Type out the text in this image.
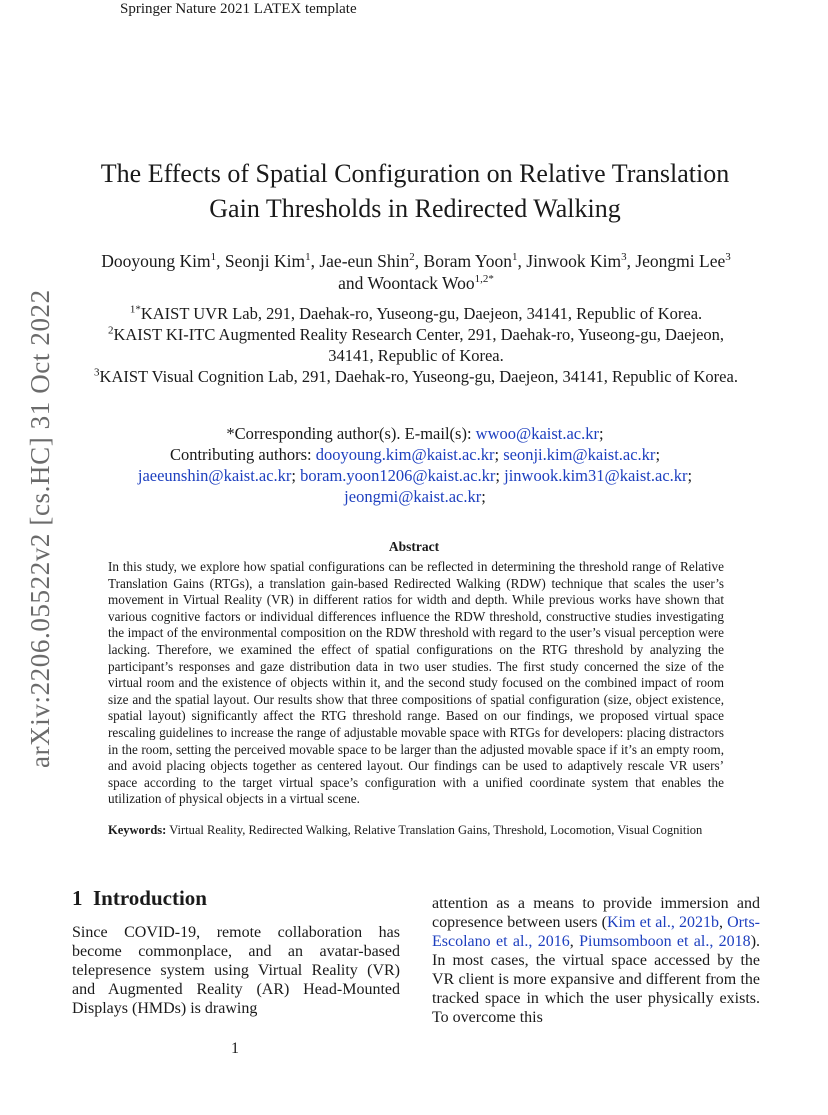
Springer Nature 2021 LATEX template
arXiv:2206.05522v2 [cs.HC] 31 Oct 2022
The Effects of Spatial Configuration on Relative Translation
Gain Thresholds in Redirected Walking
Dooyoung Kim$^1$, Seonji Kim$^1$, Jae-eun Shin$^2$, Boram Yoon$^1$, Jinwook Kim$^3$, Jeongmi Lee$^3$ and Woontack Woo$^{1,2*}$
$^{1*}$KAIST UVR Lab, 291, Daehak-ro, Yuseong-gu, Daejeon, 34141, Republic of Korea.
$^2$KAIST KI-ITC Augmented Reality Research Center, 291, Daehak-ro, Yuseong-gu, Daejeon, 34141, Republic of Korea.
$^3$KAIST Visual Cognition Lab, 291, Daehak-ro, Yuseong-gu, Daejeon, 34141, Republic of Korea.
*Corresponding author(s). E-mail(s): wwoo@kaist.ac.kr;
Contributing authors: dooyoung.kim@kaist.ac.kr; seonji.kim@kaist.ac.kr;
jaeeunshin@kaist.ac.kr; boram.yoon1206@kaist.ac.kr; jinwook.kim31@kaist.ac.kr;
jeongmi@kaist.ac.kr;
Abstract
In this study, we explore how spatial configurations can be reflected in determining the threshold range of Relative Translation Gains (RTGs), a translation gain-based Redirected Walking (RDW) technique that scales the user’s movement in Virtual Reality (VR) in different ratios for width and depth. While previous works have shown that various cognitive factors or individual differences influence the RDW threshold, constructive studies investigating the impact of the environmental composition on the RDW threshold with regard to the user’s visual perception were lacking. Therefore, we examined the effect of spatial configurations on the RTG threshold by analyzing the participant’s responses and gaze distribution data in two user studies. The first study concerned the size of the virtual room and the existence of objects within it, and the second study focused on the combined impact of room size and the spatial layout. Our results show that three compositions of spatial configuration (size, object existence, spatial layout) significantly affect the RTG threshold range. Based on our findings, we proposed virtual space rescaling guidelines to increase the range of adjustable movable space with RTGs for developers: placing distractors in the room, setting the perceived movable space to be larger than the adjusted movable space if it’s an empty room, and avoid placing objects together as centered layout. Our findings can be used to adaptively rescale VR users’ space according to the target virtual space’s configuration with a unified coordinate system that enables the utilization of physical objects in a virtual scene.
Keywords: Virtual Reality, Redirected Walking, Relative Translation Gains, Threshold, Locomotion, Visual Cognition
1 Introduction

Since COVID-19, remote collaboration has become commonplace, and an avatar-based telepresence system using Virtual Reality (VR) and Augmented Reality (AR) Head-Mounted Displays (HMDs) is drawing

attention as a means to provide immersion and copresence between users (Kim et al., 2021b, Orts-Escolano et al., 2016, Piumsomboon et al., 2018). In most cases, the virtual space accessed by the VR client is more expansive and different from the tracked space in which the user physically exists. To overcome this

1
